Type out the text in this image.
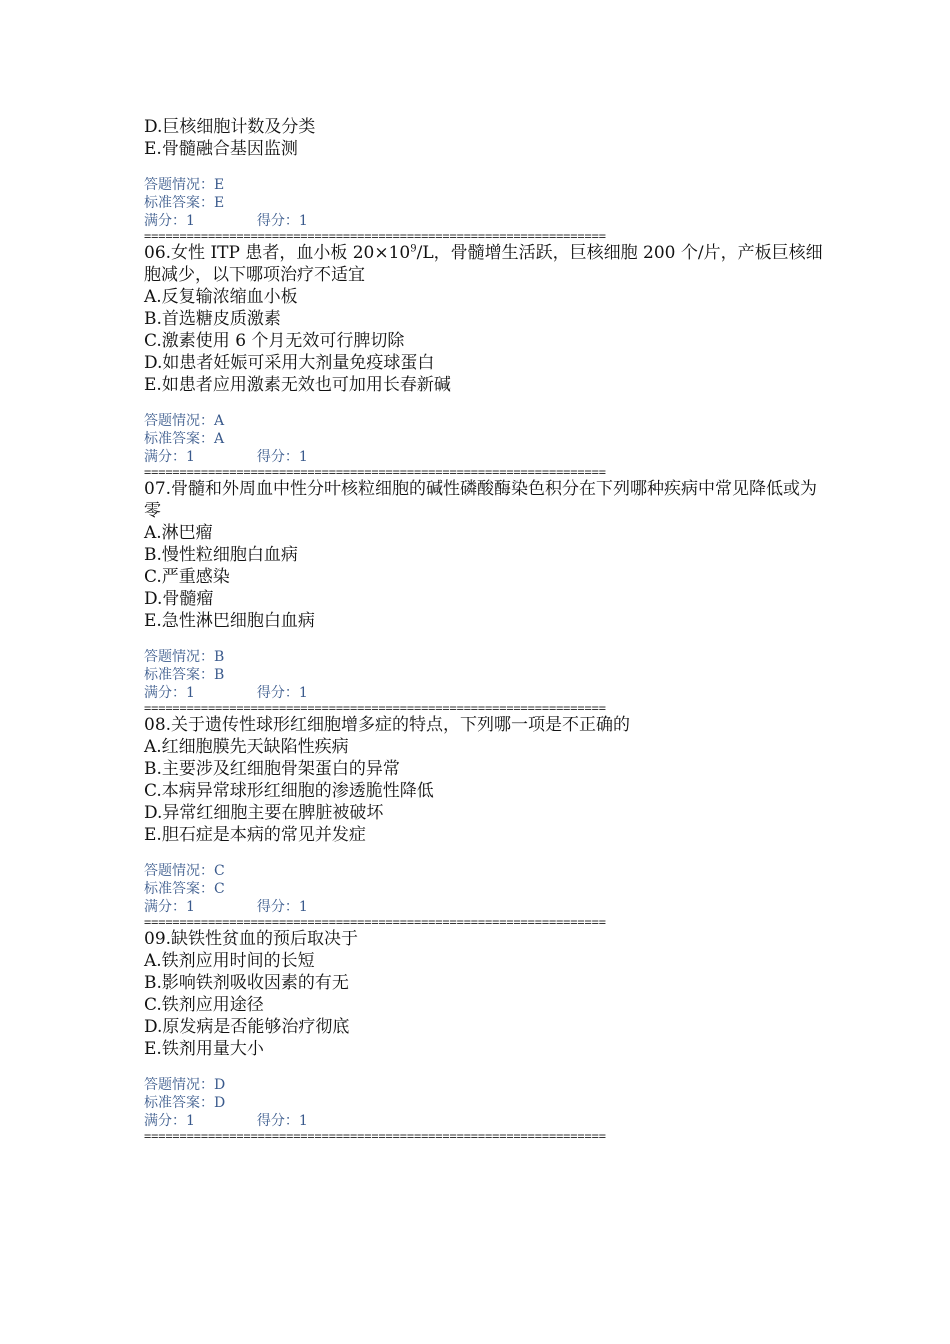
D.巨核细胞计数及分类
E.骨髓融合基因监测
答题情况：E
标准答案：E
满分：1	得分：1
=================================================================
06.女性 ITP 患者，血小板 $20\times 10^9/L$，骨髓增生活跃，巨核细胞 200 个/片，产板巨核细胞减少，以下哪项治疗不适宜
A.反复输浓缩血小板
B.首选糖皮质激素
C.激素使用 6 个月无效可行脾切除
D.如患者妊娠可采用大剂量免疫球蛋白
E.如患者应用激素无效也可加用长春新碱
答题情况：A
标准答案：A
满分：1	得分：1
=================================================================
07.骨髓和外周血中性分叶核粒细胞的碱性磷酸酶染色积分在下列哪种疾病中常见降低或为零
A.淋巴瘤
B.慢性粒细胞白血病
C.严重感染
D.骨髓瘤
E.急性淋巴细胞白血病
答题情况：B
标准答案：B
满分：1	得分：1
=================================================================
08.关于遗传性球形红细胞增多症的特点，下列哪一项是不正确的
A.红细胞膜先天缺陷性疾病
B.主要涉及红细胞骨架蛋白的异常
C.本病异常球形红细胞的渗透脆性降低
D.异常红细胞主要在脾脏被破坏
E.胆石症是本病的常见并发症
答题情况：C
标准答案：C
满分：1	得分：1
=================================================================
09.缺铁性贫血的预后取决于
A.铁剂应用时间的长短
B.影响铁剂吸收因素的有无
C.铁剂应用途径
D.原发病是否能够治疗彻底
E.铁剂用量大小
答题情况：D
标准答案：D
满分：1	得分：1
=================================================================
